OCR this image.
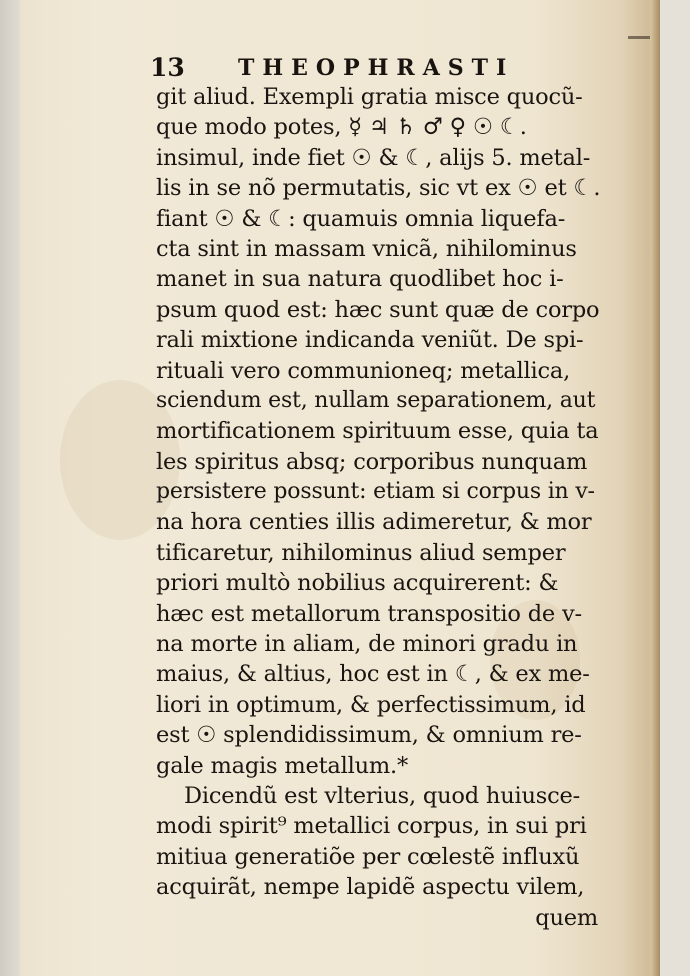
13 THEOPHRASTI
git aliud. Exempli gratia misce quocũ-
que modo potes, ☿ ♃ ♄ ♂ ♀ ☉ ☾.
insimul, inde fiet ☉ & ☾, alijs 5. metal-
lis in se nõ permutatis, sic vt ex ☉ et ☾.
fiant ☉ & ☾: quamuis omnia liquefa-
cta sint in massam vnicã, nihilominus
manet in sua natura quodlibet hoc i-
psum quod est: hæc sunt quæ de corpo
rali mixtione indicanda veniũt. De spi-
rituali vero communioneq; metallica,
sciendum est, nullam separationem, aut
mortificationem spirituum esse, quia ta
les spiritus absq; corporibus nunquam
persistere possunt: etiam si corpus in v-
na hora centies illis adimeretur, & mor
tificaretur, nihilominus aliud semper
priori multò nobilius acquirerent: &
hæc est metallorum transpositio de v-
na morte in aliam, de minori gradu in
maius, & altius, hoc est in ☾, & ex me-
liori in optimum, & perfectissimum, id
est ☉ splendidissimum, & omnium re-
gale magis metallum.*
Dicendũ est vlterius, quod huiusce-
modi spirit⁹ metallici corpus, in sui pri
mitiua generatiõe per cœlestẽ influxũ
acquirãt, nempe lapidẽ aspectu vilem,
quem
